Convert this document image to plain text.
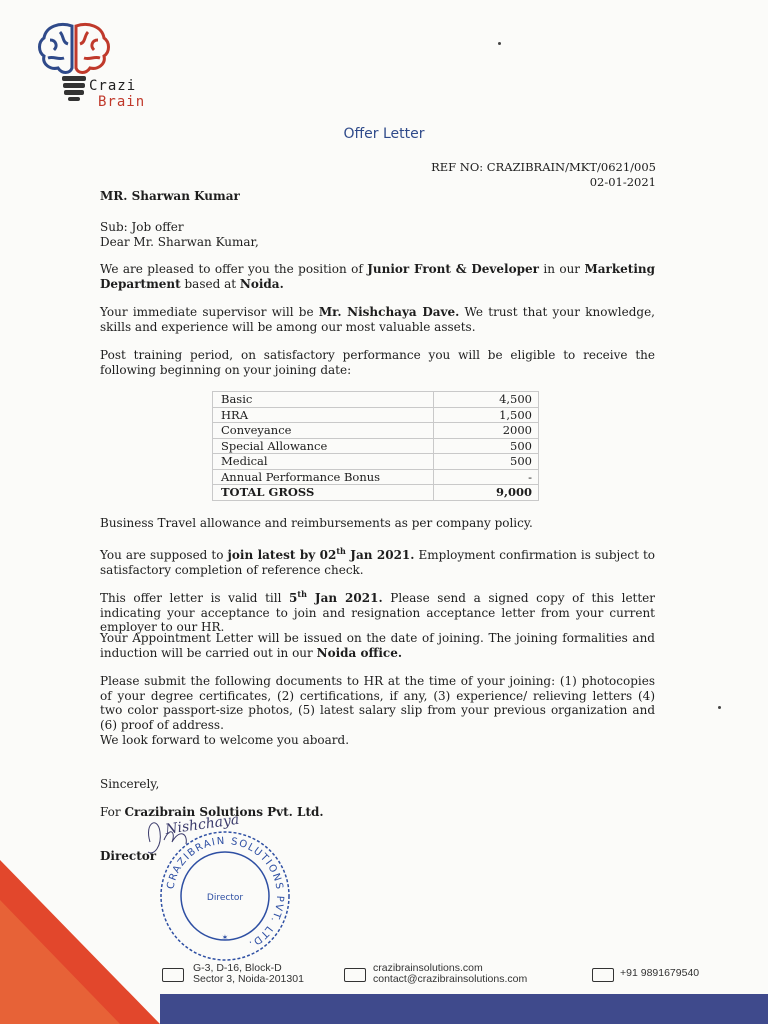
Crazi
Brain
Offer Letter
REF NO: CRAZIBRAIN/MKT/0621/005
02-01-2021
MR. Sharwan Kumar
Sub: Job offer
Dear Mr. Sharwan Kumar,
We are pleased to offer you the position of Junior Front & Developer in our Marketing Department based at Noida.
Your immediate supervisor will be Mr. Nishchaya Dave. We trust that your knowledge, skills and experience will be among our most valuable assets.
Post training period, on satisfactory performance you will be eligible to receive the following beginning on your joining date:
Basic	4,500
HRA	1,500
Conveyance	2000
Special Allowance	500
Medical	500
Annual Performance Bonus	-
TOTAL GROSS	9,000
Business Travel allowance and reimbursements as per company policy.
You are supposed to join latest by 02th Jan 2021. Employment confirmation is subject to satisfactory completion of reference check.
This offer letter is valid till 5th Jan 2021. Please send a signed copy of this letter indicating your acceptance to join and resignation acceptance letter from your current employer to our HR.
Your Appointment Letter will be issued on the date of joining. The joining formalities and induction will be carried out in our Noida office.
Please submit the following documents to HR at the time of your joining: (1) photocopies of your degree certificates, (2) certifications, if any, (3) experience/ relieving letters (4) two color passport-size photos, (5) latest salary slip from your previous organization and (6) proof of address.
We look forward to welcome you aboard.
Sincerely,
For Crazibrain Solutions Pvt. Ltd.
Director
CRAZIBRAIN SOLUTIONS PVT. LTD.
Director
✶
Nishchaya
G-3, D-16, Block-D
Sector 3, Noida-201301
crazibrainsolutions.com
contact@crazibrainsolutions.com	+91 9891679540
